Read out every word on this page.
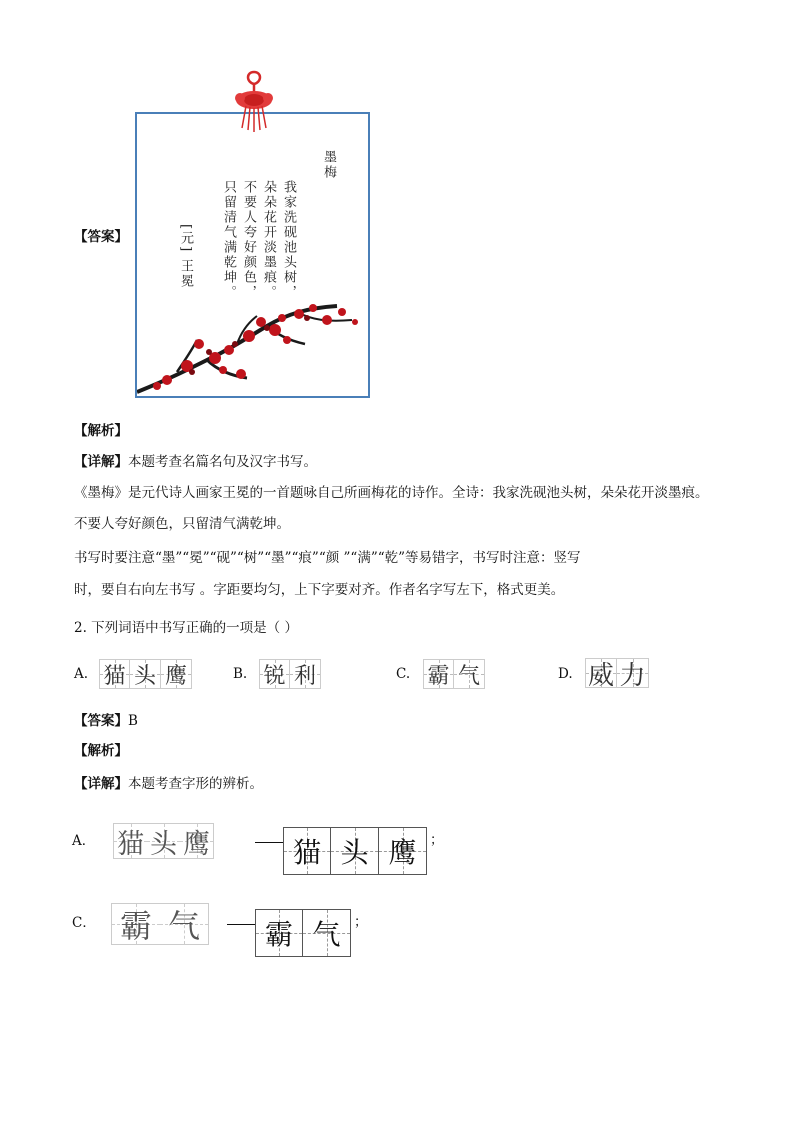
【答案】
墨梅
我家洗砚池头树，
朵朵花开淡墨痕。
不要人夸好颜色，
只留清气满乾坤。
[元] 王冕
【解析】
【详解】本题考查名篇名句及汉字书写。
《墨梅》是元代诗人画家王冕的一首题咏自己所画梅花的诗作。全诗：我家洗砚池头树，朵朵花开淡墨痕。
不要人夸好颜色，只留清气满乾坤。
书写时要注意“墨”“冕”“砚”“树”“墨”“痕”“颜 ”“满”“乾”等易错字，书写时注意：竖写
时，要自右向左书写 。字距要均匀，上下字要对齐。作者名字写左下，格式更美。
2. 下列词语中书写正确的一项是（ ）
A. 猫 头 鹰	B. 锐 利	C. 霸 气	D. 威 力
【答案】B
【解析】
【详解】本题考查字形的辨析。
A． 猫 头 鹰	猫 头 鹰 ；
C． 霸 气 霸 气 ；
